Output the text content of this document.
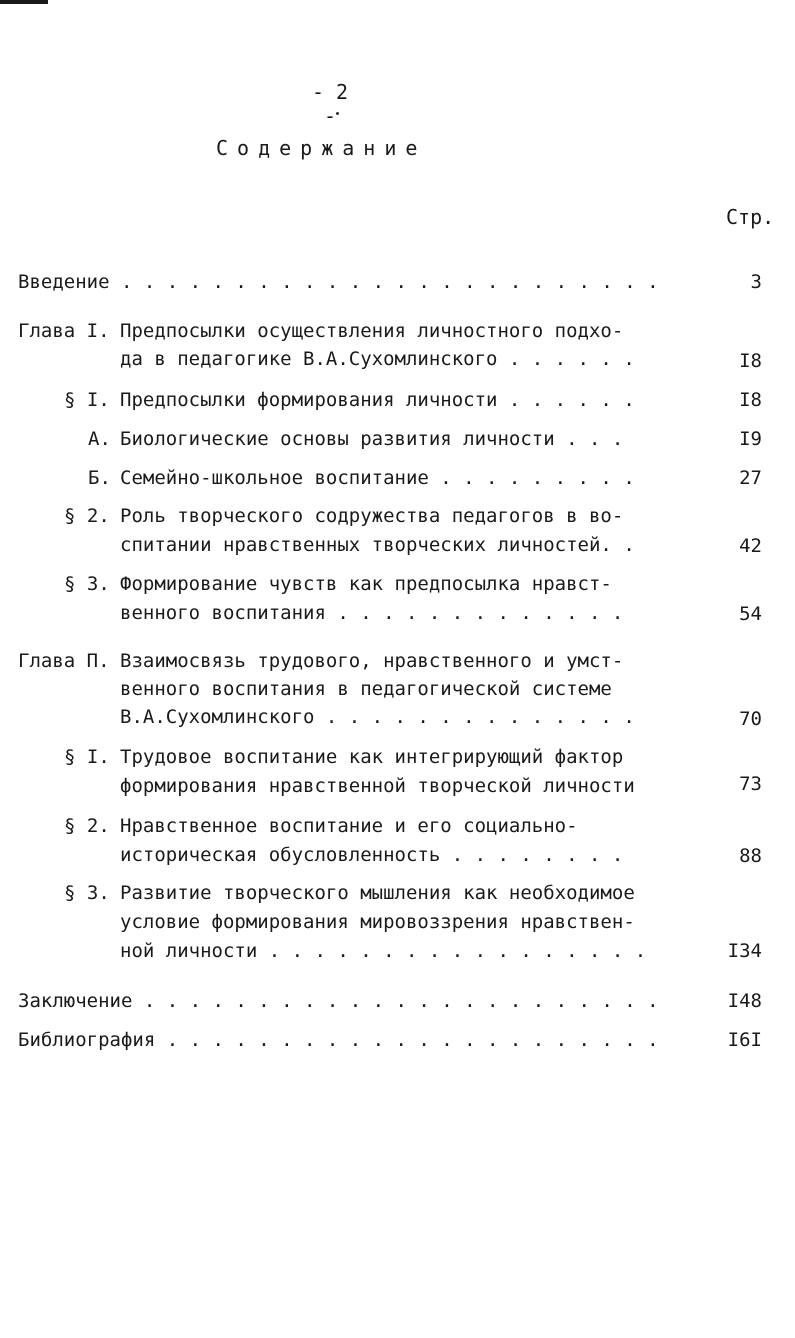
- 2 -
Содержание
Стр.
Введение . . . . . . . . . . . . . . . . . . . . . . . .	3
Глава I. Предпосылки осуществления личностного подхо-
да в педагогике В.А.Сухомлинского . . . . . .	I8
§ I. Предпосылки формирования личности . . . . . .	I8
А. Биологические основы развития личности . . .	I9
Б. Семейно-школьное воспитание . . . . . . . . .	27
§ 2. Роль творческого содружества педагогов в во-
спитании нравственных творческих личностей. .	42
§ 3. Формирование чувств как предпосылка нравст-
венного воспитания . . . . . . . . . . . . .	54
Глава П. Взаимосвязь трудового, нравственного и умст-
венного воспитания в педагогической системе
В.А.Сухомлинского . . . . . . . . . . . . . .	70
§ I. Трудовое воспитание как интегрирующий фактор
формирования нравственной творческой личности	73
§ 2. Нравственное воспитание и его социально-
историческая обусловленность . . . . . . . .	88
§ 3. Развитие творческого мышления как необходимое
условие формирования мировоззрения нравствен-
ной личности . . . . . . . . . . . . . . . . .	I34
Заключение . . . . . . . . . . . . . . . . . . . . . . .	I48
Библиография . . . . . . . . . . . . . . . . . . . . . .	I6I
